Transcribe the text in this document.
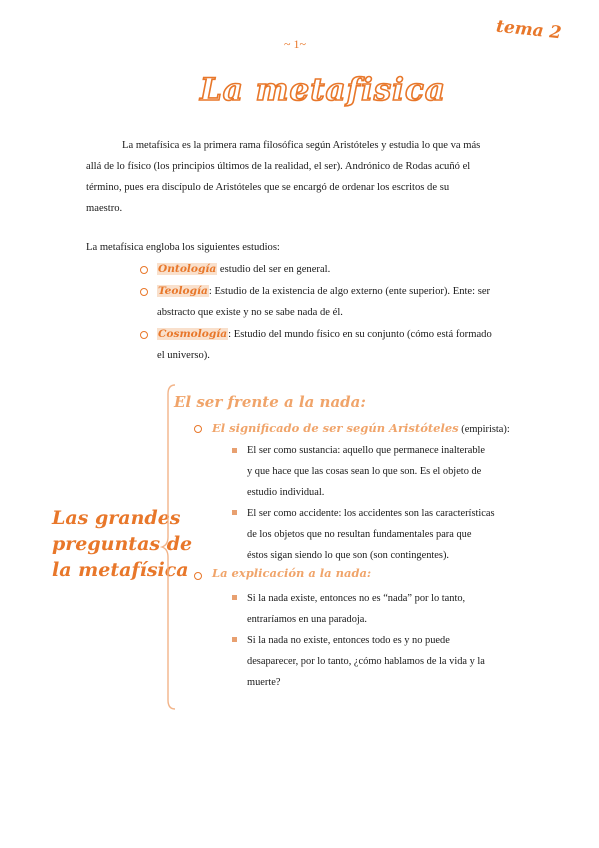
~ 1~
tema 2
La metafisica
La metafísica es la primera rama filosófica según Aristóteles y estudia lo que va más
allá de lo físico (los principios últimos de la realidad, el ser). Andrónico de Rodas acuñó el
término, pues era discípulo de Aristóteles que se encargó de ordenar los escritos de su
maestro.
La metafísica engloba los siguientes estudios:
Ontología estudio del ser en general.
Teología: Estudio de la existencia de algo externo (ente superior). Ente: ser
abstracto que existe y no se sabe nada de él.
Cosmología: Estudio del mundo físico en su conjunto (cómo está formado
el universo).
Las grandes
preguntas de
la metafísica
El ser frente a la nada:
El significado de ser según Aristóteles (empirista):
El ser como sustancia: aquello que permanece inalterable
y que hace que las cosas sean lo que son. Es el objeto de
estudio individual.
El ser como accidente: los accidentes son las características
de los objetos que no resultan fundamentales para que
éstos sigan siendo lo que son (son contingentes).
La explicación a la nada:
Si la nada existe, entonces no es “nada” por lo tanto,
entraríamos en una paradoja.
Si la nada no existe, entonces todo es y no puede
desaparecer, por lo tanto, ¿cómo hablamos de la vida y la
muerte?
